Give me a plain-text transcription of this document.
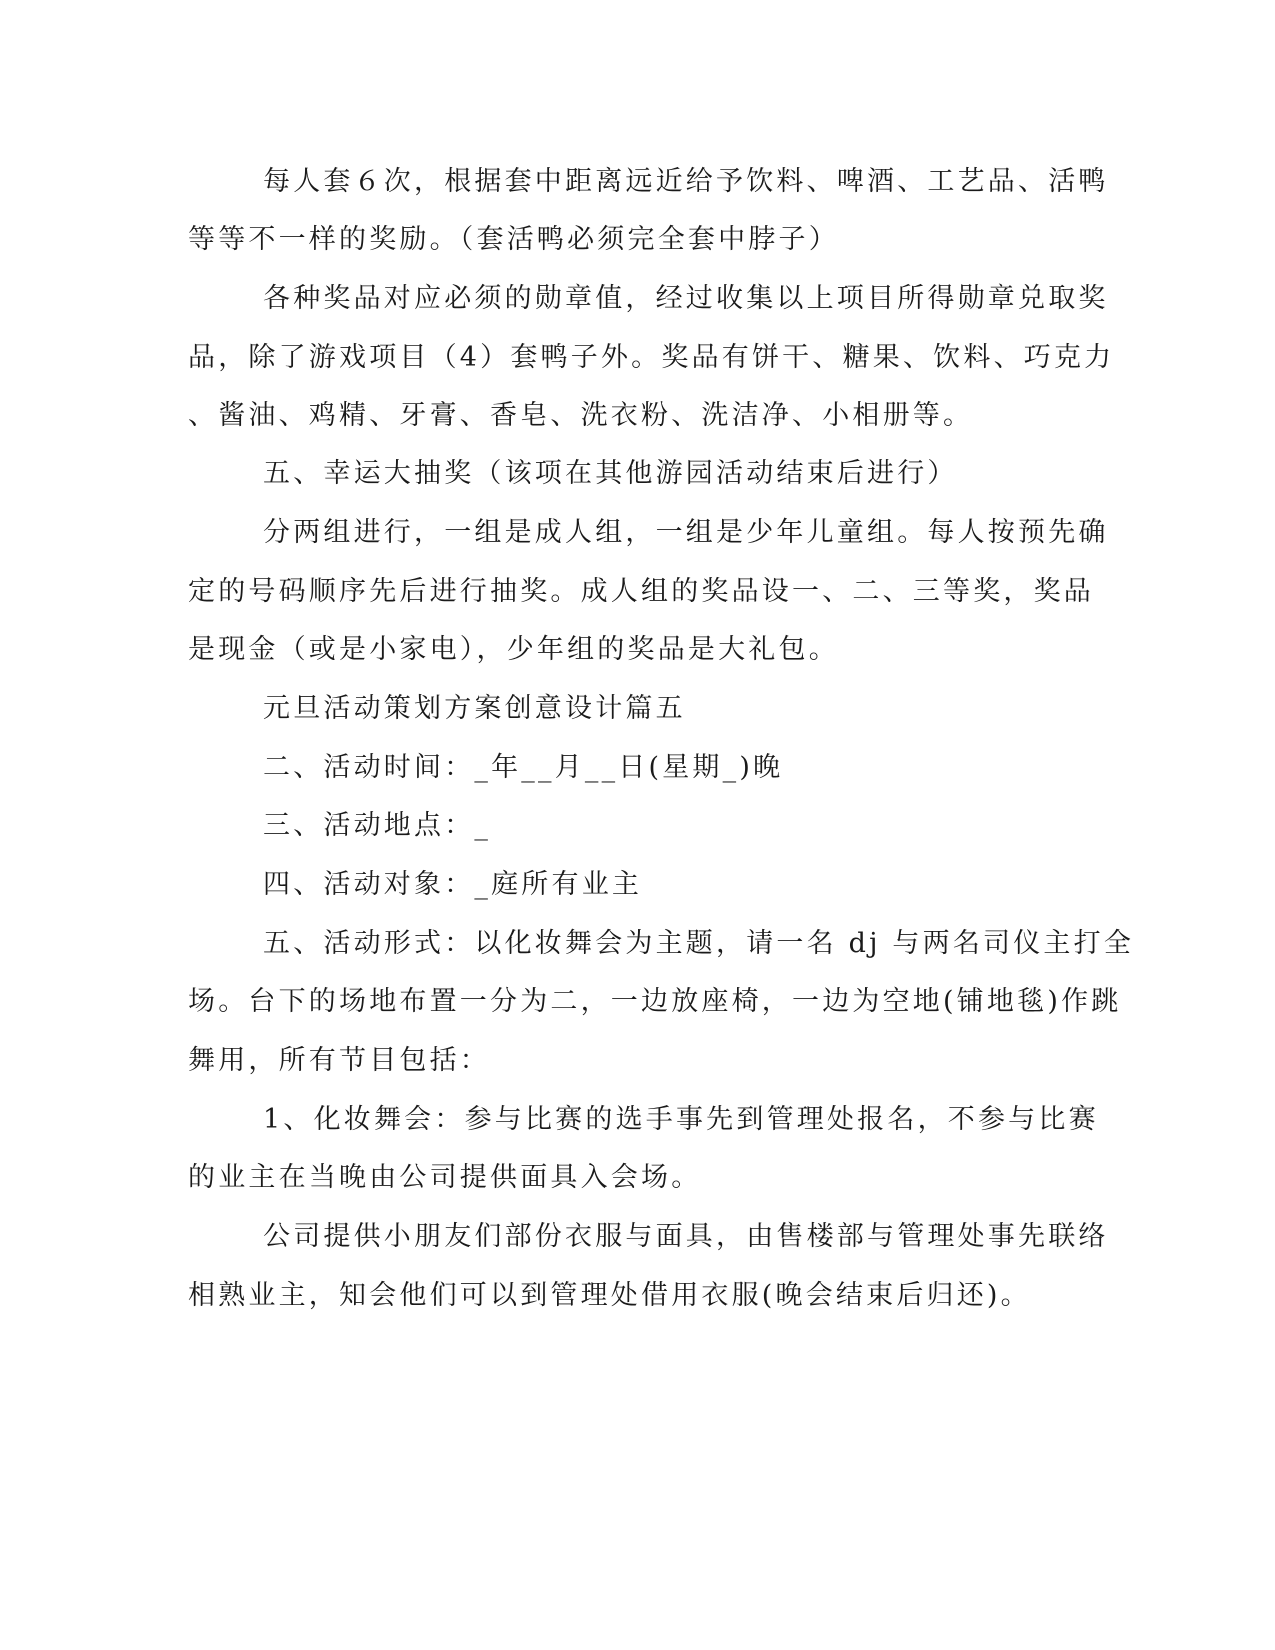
每人套６次，根据套中距离远近给予饮料、啤酒、工艺品、活鸭
等等不一样的奖励。（套活鸭必须完全套中脖子）
各种奖品对应必须的勋章值，经过收集以上项目所得勋章兑取奖
品，除了游戏项目（4）套鸭子外。奖品有饼干、糖果、饮料、巧克力
、酱油、鸡精、牙膏、香皂、洗衣粉、洗洁净、小相册等。
五、幸运大抽奖（该项在其他游园活动结束后进行）
分两组进行，一组是成人组，一组是少年儿童组。每人按预先确
定的号码顺序先后进行抽奖。成人组的奖品设一、二、三等奖，奖品
是现金（或是小家电），少年组的奖品是大礼包。
元旦活动策划方案创意设计篇五
二、活动时间：_年__月__日(星期_)晚
三、活动地点：_
四、活动对象：_庭所有业主
五、活动形式：以化妆舞会为主题，请一名 dj 与两名司仪主打全
场。台下的场地布置一分为二，一边放座椅，一边为空地(铺地毯)作跳
舞用，所有节目包括：
1、化妆舞会：参与比赛的选手事先到管理处报名，不参与比赛
的业主在当晚由公司提供面具入会场。
公司提供小朋友们部份衣服与面具，由售楼部与管理处事先联络
相熟业主，知会他们可以到管理处借用衣服(晚会结束后归还)。
